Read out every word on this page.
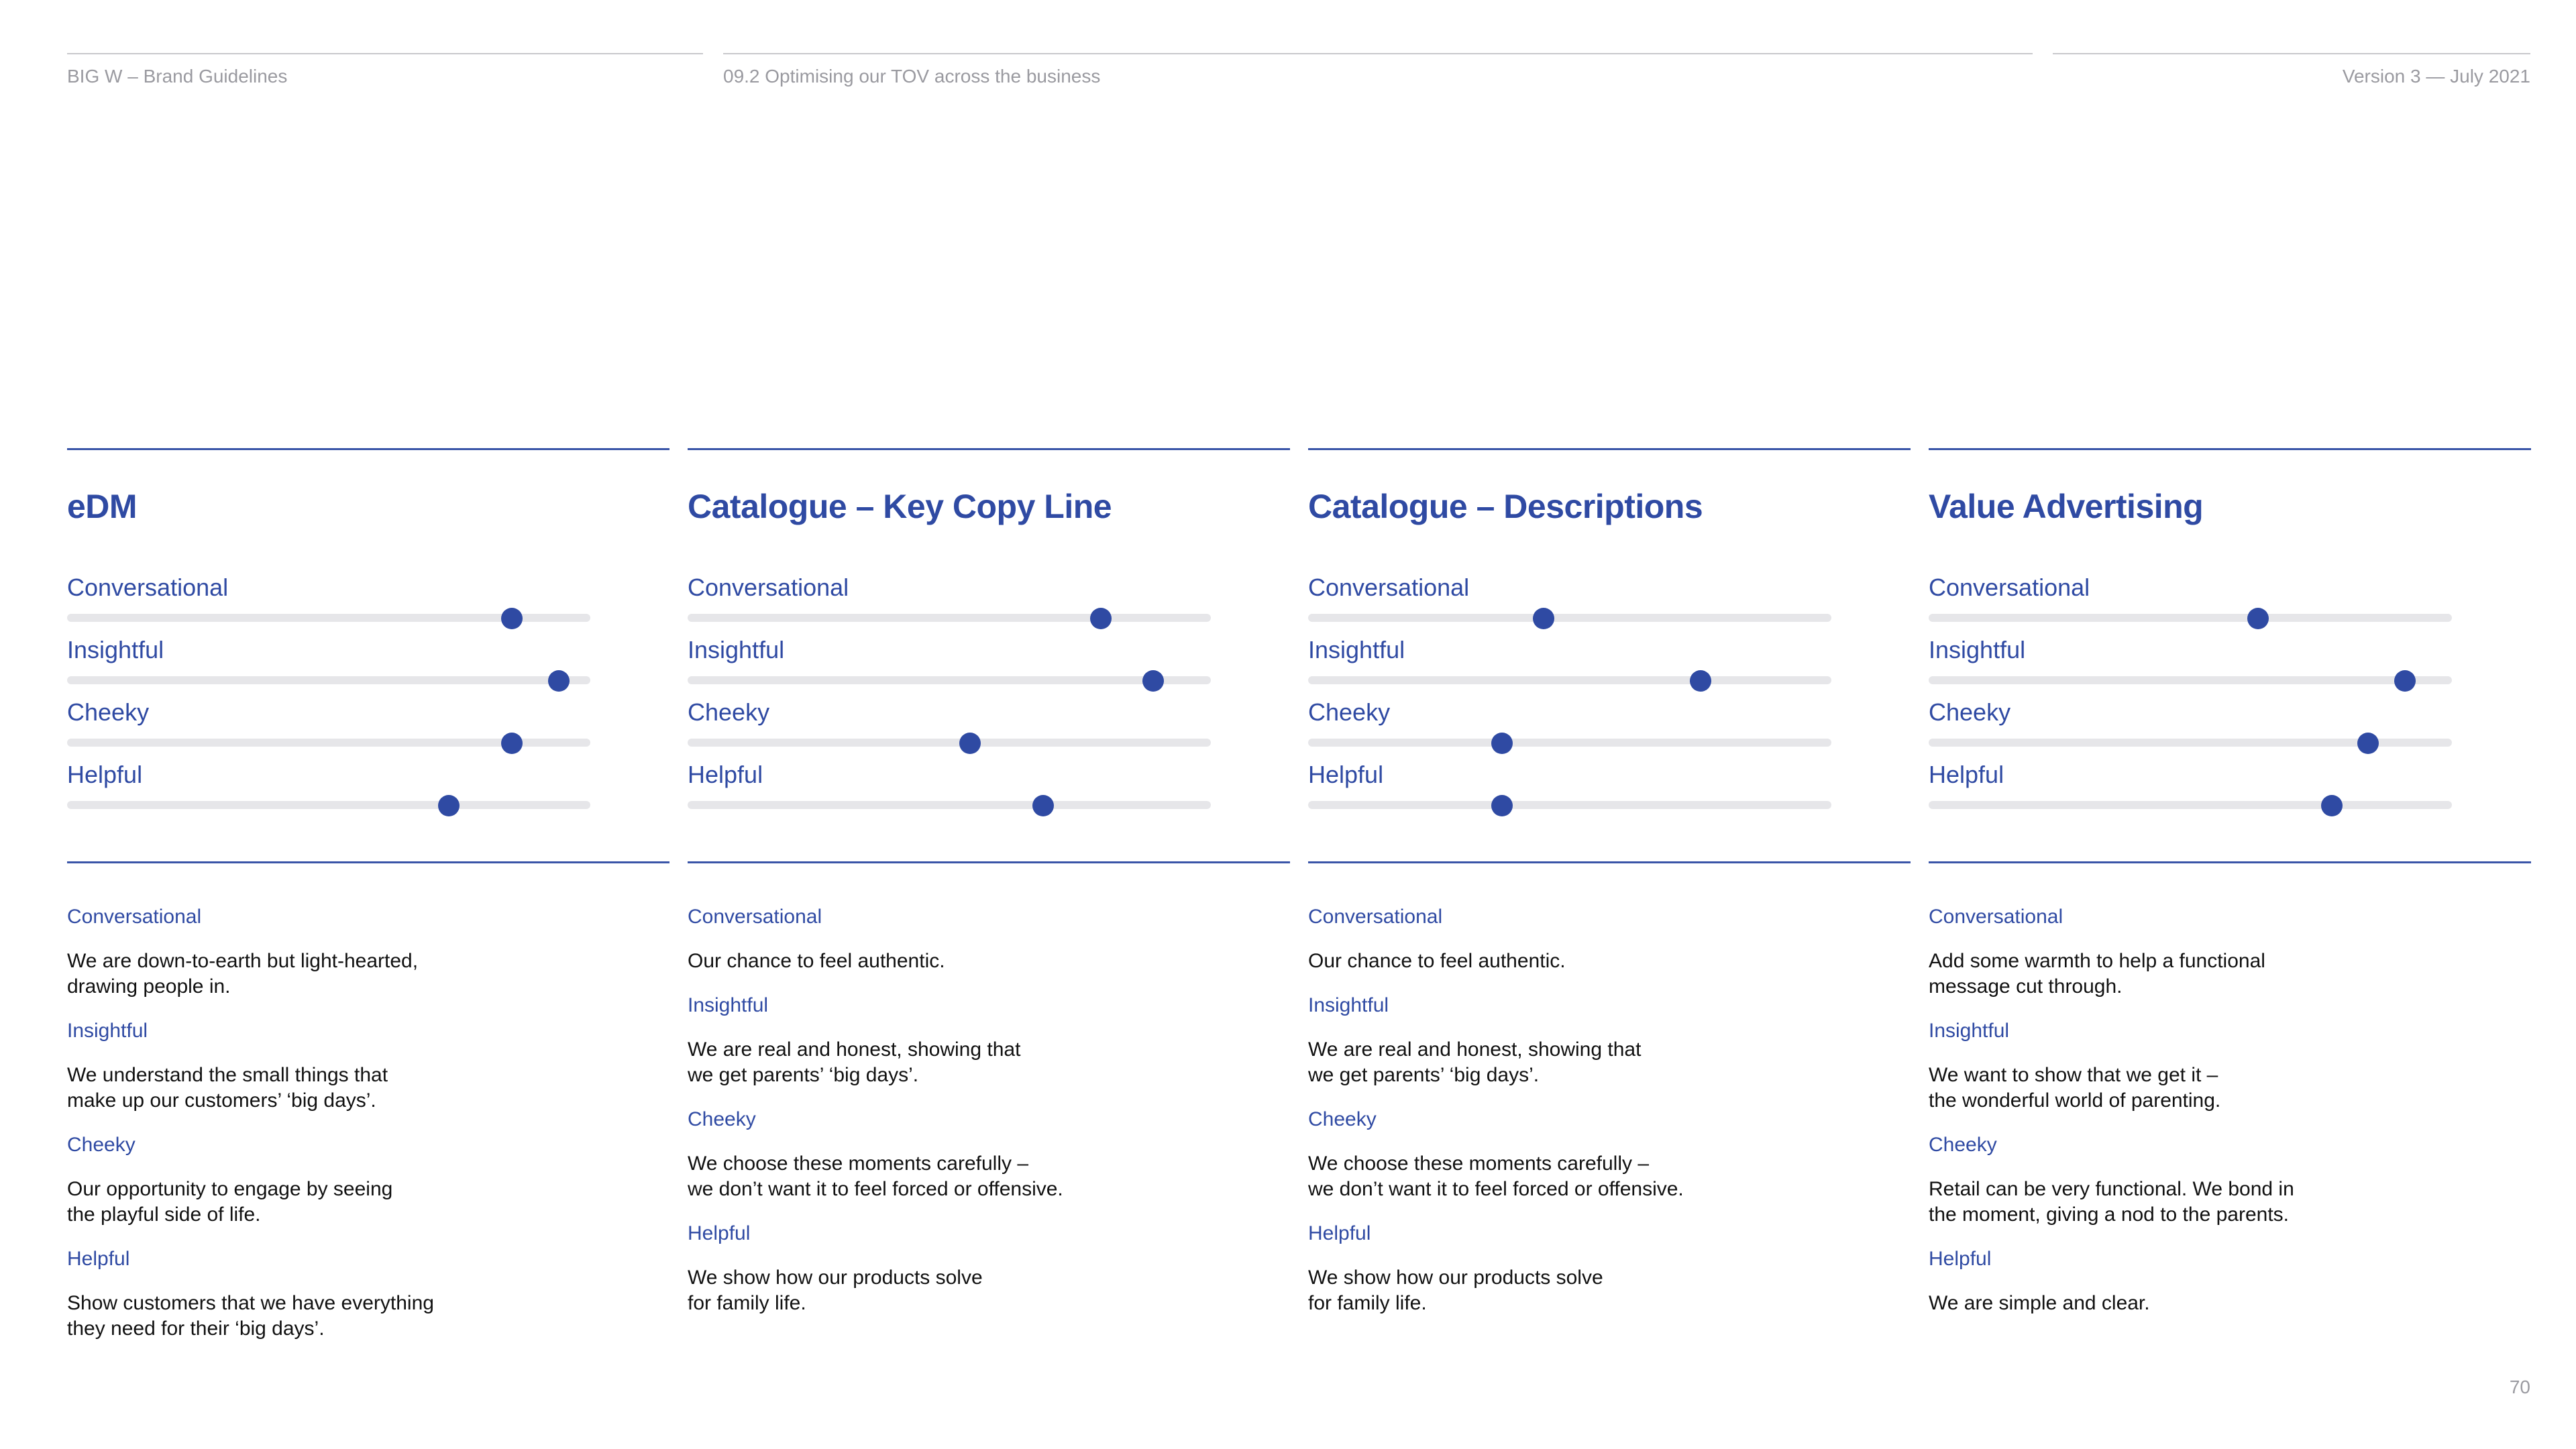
BIG W – Brand Guidelines	09.2 Optimising our TOV across the business	Version 3 — July 2021
eDM
Conversational
Insightful
Cheeky
Helpful
Conversational
We are down-to-earth but light-hearted,
drawing people in.
Insightful
We understand the small things that
make up our customers’ ‘big days’.
Cheeky
Our opportunity to engage by seeing
the playful side of life.
Helpful
Show customers that we have everything
they need for their ‘big days’.
Catalogue – Key Copy Line
Conversational
Insightful
Cheeky
Helpful
Conversational
Our chance to feel authentic.
Insightful
We are real and honest, showing that
we get parents’ ‘big days’.
Cheeky
We choose these moments carefully –
we don’t want it to feel forced or offensive.
Helpful
We show how our products solve
for family life.
Catalogue – Descriptions
Conversational
Insightful
Cheeky
Helpful
Conversational
Our chance to feel authentic.
Insightful
We are real and honest, showing that
we get parents’ ‘big days’.
Cheeky
We choose these moments carefully –
we don’t want it to feel forced or offensive.
Helpful
We show how our products solve
for family life.
Value Advertising
Conversational
Insightful
Cheeky
Helpful
Conversational
Add some warmth to help a functional
message cut through.
Insightful
We want to show that we get it –
the wonderful world of parenting.
Cheeky
Retail can be very functional. We bond in
the moment, giving a nod to the parents.
Helpful
We are simple and clear.
70
